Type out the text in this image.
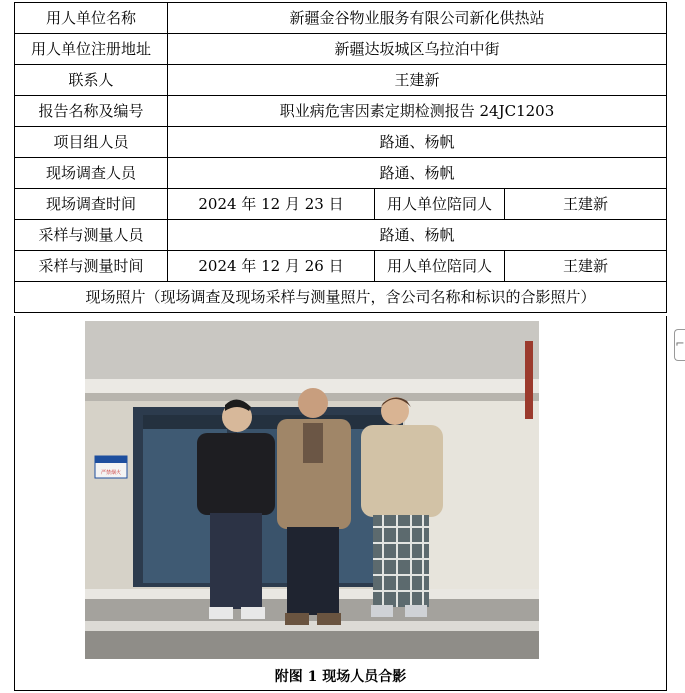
用人单位名称	新疆金谷物业服务有限公司新化供热站		
用人单位注册地址	新疆达坂城区乌拉泊中街		
联系人	王建新		
报告名称及编号	职业病危害因素定期检测报告 24JC1203		
项目组人员	路通、杨帆		
现场调查人员	路通、杨帆		
现场调查时间	2024 年 12 月 23 日	用人单位陪同人	王建新
采样与测量人员	路通、杨帆		
采样与测量时间	2024 年 12 月 26 日	用人单位陪同人	王建新
现场照片（现场调查及现场采样与测量照片，含公司名称和标识的合影照片）			
严禁烟火
附图 1 现场人员合影
⌐
